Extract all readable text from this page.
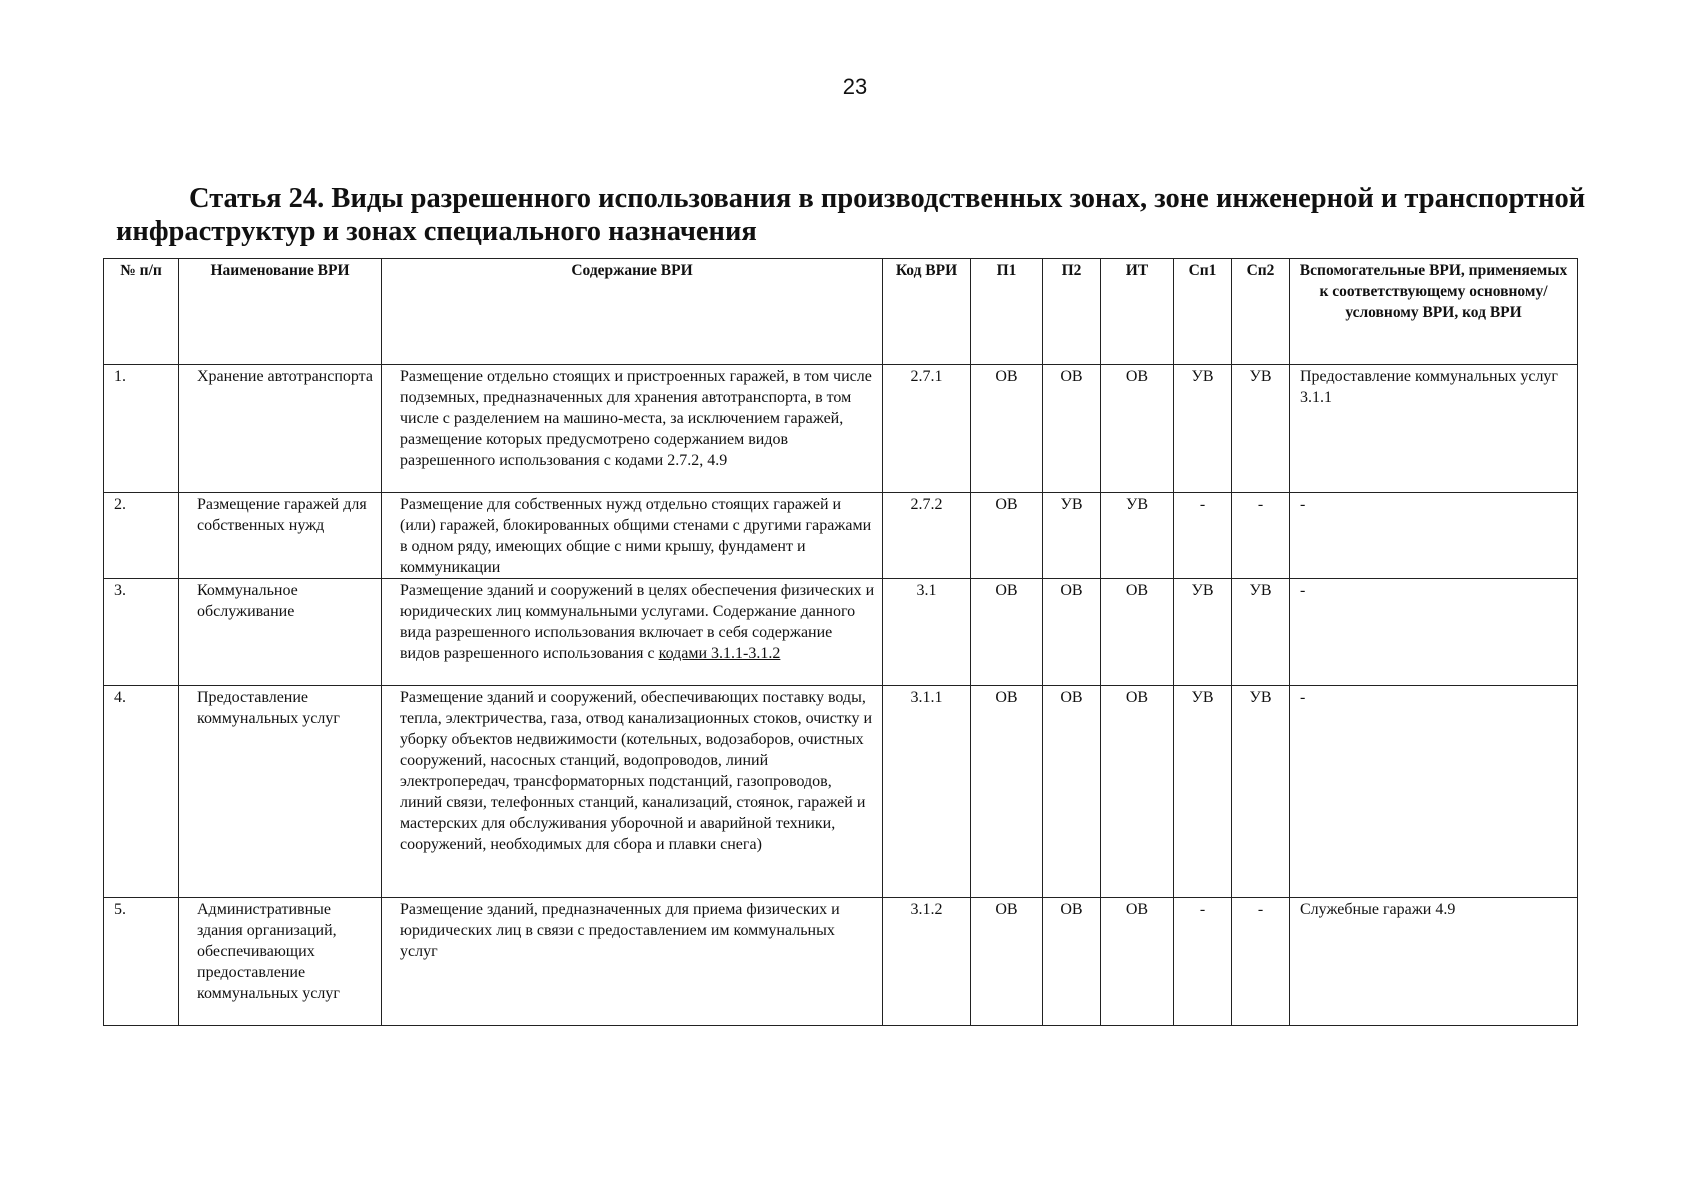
23
Статья 24. Виды разрешенного использования в производственных зонах, зоне инженерной и транспортной инфраструктур и зонах специального назначения
№ п/п	Наименование ВРИ	Содержание ВРИ	Код ВРИ	П1	П2	ИТ	Сп1	Сп2	Вспомогательные ВРИ, применяемых к соответствующему основному/условному ВРИ, код ВРИ
1.	Хранение автотранспорта	Размещение отдельно стоящих и пристроенных гаражей, в том числе подземных, предназначенных для хранения автотранспорта, в том числе с разделением на машино-места, за исключением гаражей, размещение которых предусмотрено содержанием видов разрешенного использования с кодами 2.7.2, 4.9	2.7.1	ОВ	ОВ	ОВ	УВ	УВ	Предоставление коммунальных услуг 3.1.1
2.	Размещение гаражей для собственных нужд	Размещение для собственных нужд отдельно стоящих гаражей и (или) гаражей, блокированных общими стенами с другими гаражами в одном ряду, имеющих общие с ними крышу, фундамент и коммуникации	2.7.2	ОВ	УВ	УВ	-	-	-
3.	Коммунальное обслуживание	Размещение зданий и сооружений в целях обеспечения физических и юридических лиц коммунальными услугами. Содержание данного вида разрешенного использования включает в себя содержание видов разрешенного использования с кодами 3.1.1-3.1.2	3.1	ОВ	ОВ	ОВ	УВ	УВ	-
4.	Предоставление коммунальных услуг	Размещение зданий и сооружений, обеспечивающих поставку воды, тепла, электричества, газа, отвод канализационных стоков, очистку и уборку объектов недвижимости (котельных, водозаборов, очистных сооружений, насосных станций, водопроводов, линий электропередач, трансформаторных подстанций, газопроводов, линий связи, телефонных станций, канализаций, стоянок, гаражей и мастерских для обслуживания уборочной и аварийной техники, сооружений, необходимых для сбора и плавки снега)	3.1.1	ОВ	ОВ	ОВ	УВ	УВ	-
5.	Административные здания организаций, обеспечивающих предоставление коммунальных услуг	Размещение зданий, предназначенных для приема физических и юридических лиц в связи с предоставлением им коммунальных услуг	3.1.2	ОВ	ОВ	ОВ	-	-	Служебные гаражи 4.9
